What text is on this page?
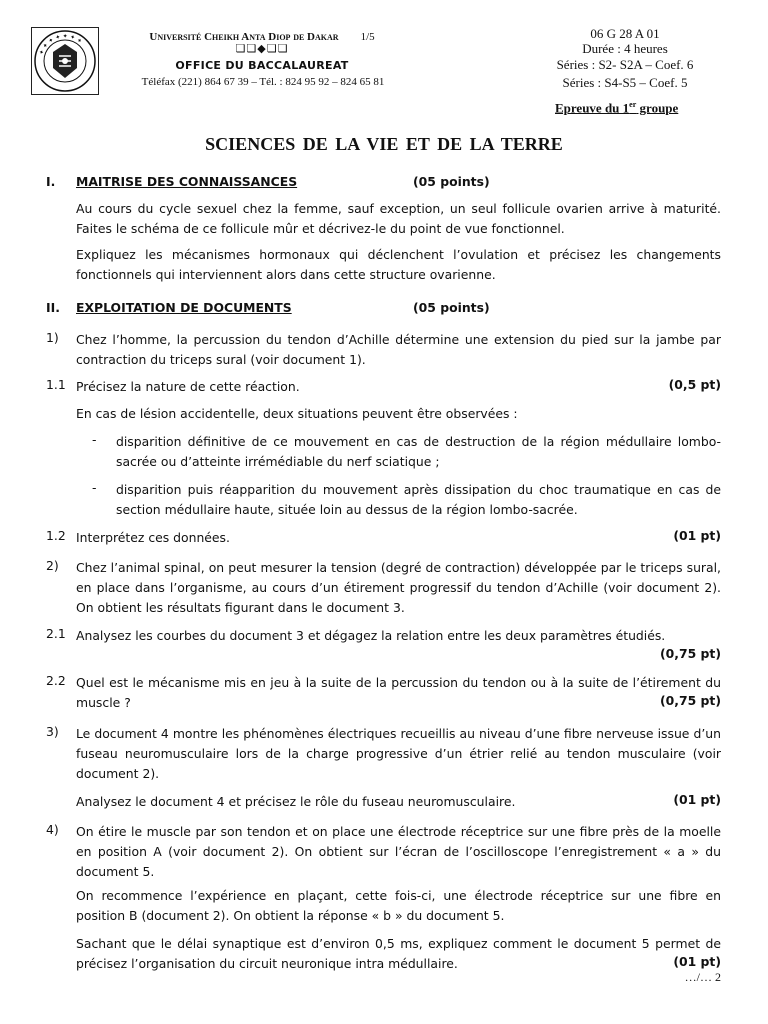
✦ ✦ ✦ ✦ ✦ ✦ ✦	Université Cheikh Anta Diop de Dakar 1/5
❏❏◆❏❏
OFFICE DU BACCALAUREAT
Téléfax (221) 864 67 39 – Tél. : 824 95 92 – 824 65 81
06 G 28 A 01
Durée : 4 heures
Séries : S2- S2A – Coef. 6
Séries : S4-S5 – Coef. 5
Epreuve du 1er groupe
SCIENCES DE LA VIE ET DE LA TERRE
I. MAITRISE DES CONNAISSANCES	(05 points)
Au cours du cycle sexuel chez la femme, sauf exception, un seul follicule ovarien arrive à maturité. Faites le schéma de ce follicule mûr et décrivez-le du point de vue fonctionnel.
Expliquez les mécanismes hormonaux qui déclenchent l’ovulation et précisez les changements fonctionnels qui interviennent alors dans cette structure ovarienne.
II. EXPLOITATION DE DOCUMENTS	(05 points)
1) Chez l’homme, la percussion du tendon d’Achille détermine une extension du pied sur la jambe par contraction du triceps sural (voir document 1).
1.1 Précisez la nature de cette réaction.	(0,5 pt)
En cas de lésion accidentelle, deux situations peuvent être observées :
- disparition définitive de ce mouvement en cas de destruction de la région médullaire lombo-sacrée ou d’atteinte irrémédiable du nerf sciatique ;
- disparition puis réapparition du mouvement après dissipation du choc traumatique en cas de section médullaire haute, située loin au dessus de la région lombo-sacrée.
1.2 Interprétez ces données.	(01 pt)
2) Chez l’animal spinal, on peut mesurer la tension (degré de contraction) développée par le triceps sural, en place dans l’organisme, au cours d’un étirement progressif du tendon d’Achille (voir document 2). On obtient les résultats figurant dans le document 3.
2.1 Analysez les courbes du document 3 et dégagez la relation entre les deux paramètres étudiés.
(0,75 pt)
2.2 Quel est le mécanisme mis en jeu à la suite de la percussion du tendon ou à la suite de l’étirement du muscle ?	(0,75 pt)
3) Le document 4 montre les phénomènes électriques recueillis au niveau d’une fibre nerveuse issue d’un fuseau neuromusculaire lors de la charge progressive d’un étrier relié au tendon musculaire (voir document 2).
Analysez le document 4 et précisez le rôle du fuseau neuromusculaire.	(01 pt)
4) On étire le muscle par son tendon et on place une électrode réceptrice sur une fibre près de la moelle en position A (voir document 2). On obtient sur l’écran de l’oscilloscope l’enregistrement « a » du document 5.
On recommence l’expérience en plaçant, cette fois-ci, une électrode réceptrice sur une fibre en position B (document 2). On obtient la réponse « b » du document 5.
Sachant que le délai synaptique est d’environ 0,5 ms, expliquez comment le document 5 permet de précisez l’organisation du circuit neuronique intra médullaire.	(01 pt)
…/… 2
